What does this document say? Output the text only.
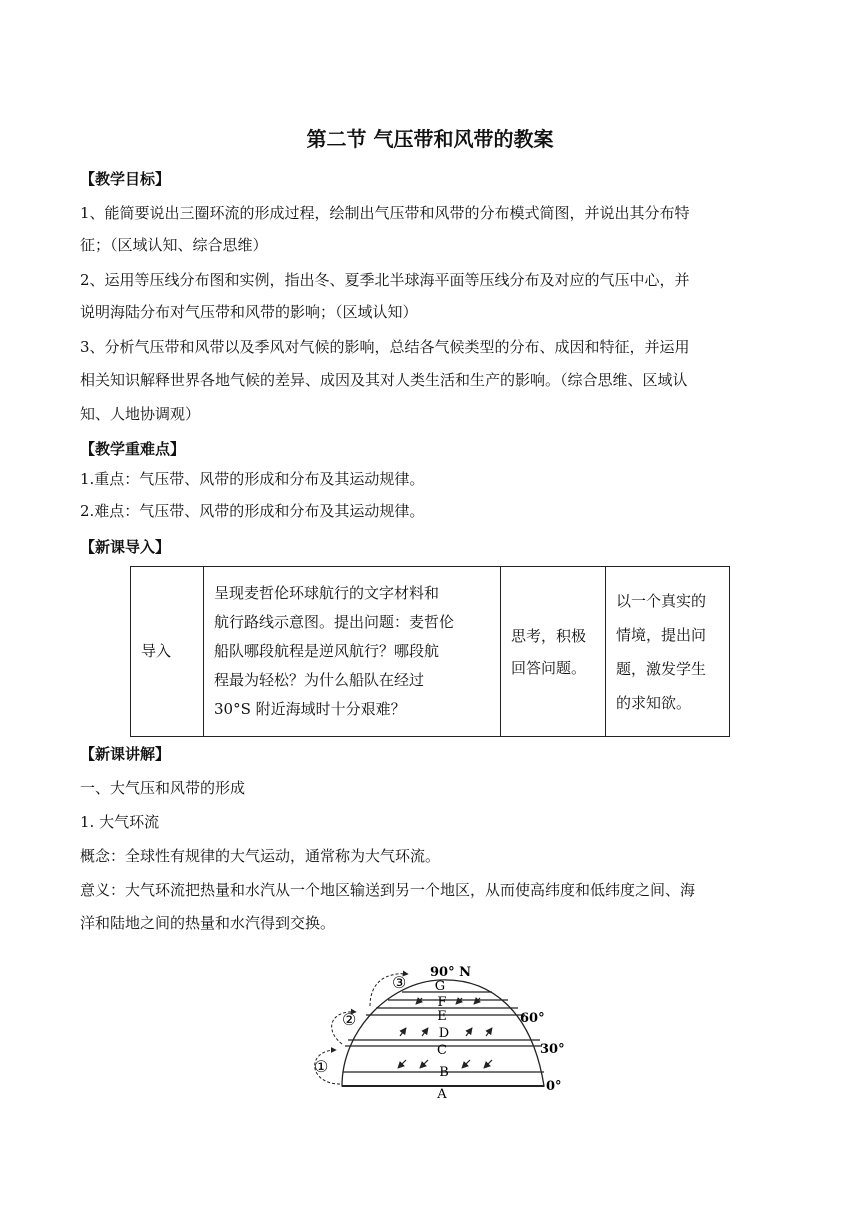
第二节 气压带和风带的教案
【教学目标】
1、能简要说出三圈环流的形成过程，绘制出气压带和风带的分布模式简图，并说出其分布特
征；（区域认知、综合思维）
2、运用等压线分布图和实例，指出冬、夏季北半球海平面等压线分布及对应的气压中心，并
说明海陆分布对气压带和风带的影响；（区域认知）
3、分析气压带和风带以及季风对气候的影响，总结各气候类型的分布、成因和特征，并运用
相关知识解释世界各地气候的差异、成因及其对人类生活和生产的影响。（综合思维、区域认
知、人地协调观）
【教学重难点】
1.重点：气压带、风带的形成和分布及其运动规律。
2.难点：气压带、风带的形成和分布及其运动规律。
【新课导入】
导入	
呈现麦哲伦环球航行的文字材料和
航行路线示意图。提出问题：麦哲伦
船队哪段航程是逆风航行？哪段航
程最为轻松？为什么船队在经过
30°S 附近海域时十分艰难？

思考，积极
回答问题。

以一个真实的
情境，提出问
题，激发学生
的求知欲。
【新课讲解】
一、大气压和风带的形成
1. 大气环流
概念：全球性有规律的大气运动，通常称为大气环流。
意义：大气环流把热量和水汽从一个地区输送到另一个地区，从而使高纬度和低纬度之间、海
洋和陆地之间的热量和水汽得到交换。
G
F
E
D
C
B
A
90° N
60°
30°
0°
①
②
③
